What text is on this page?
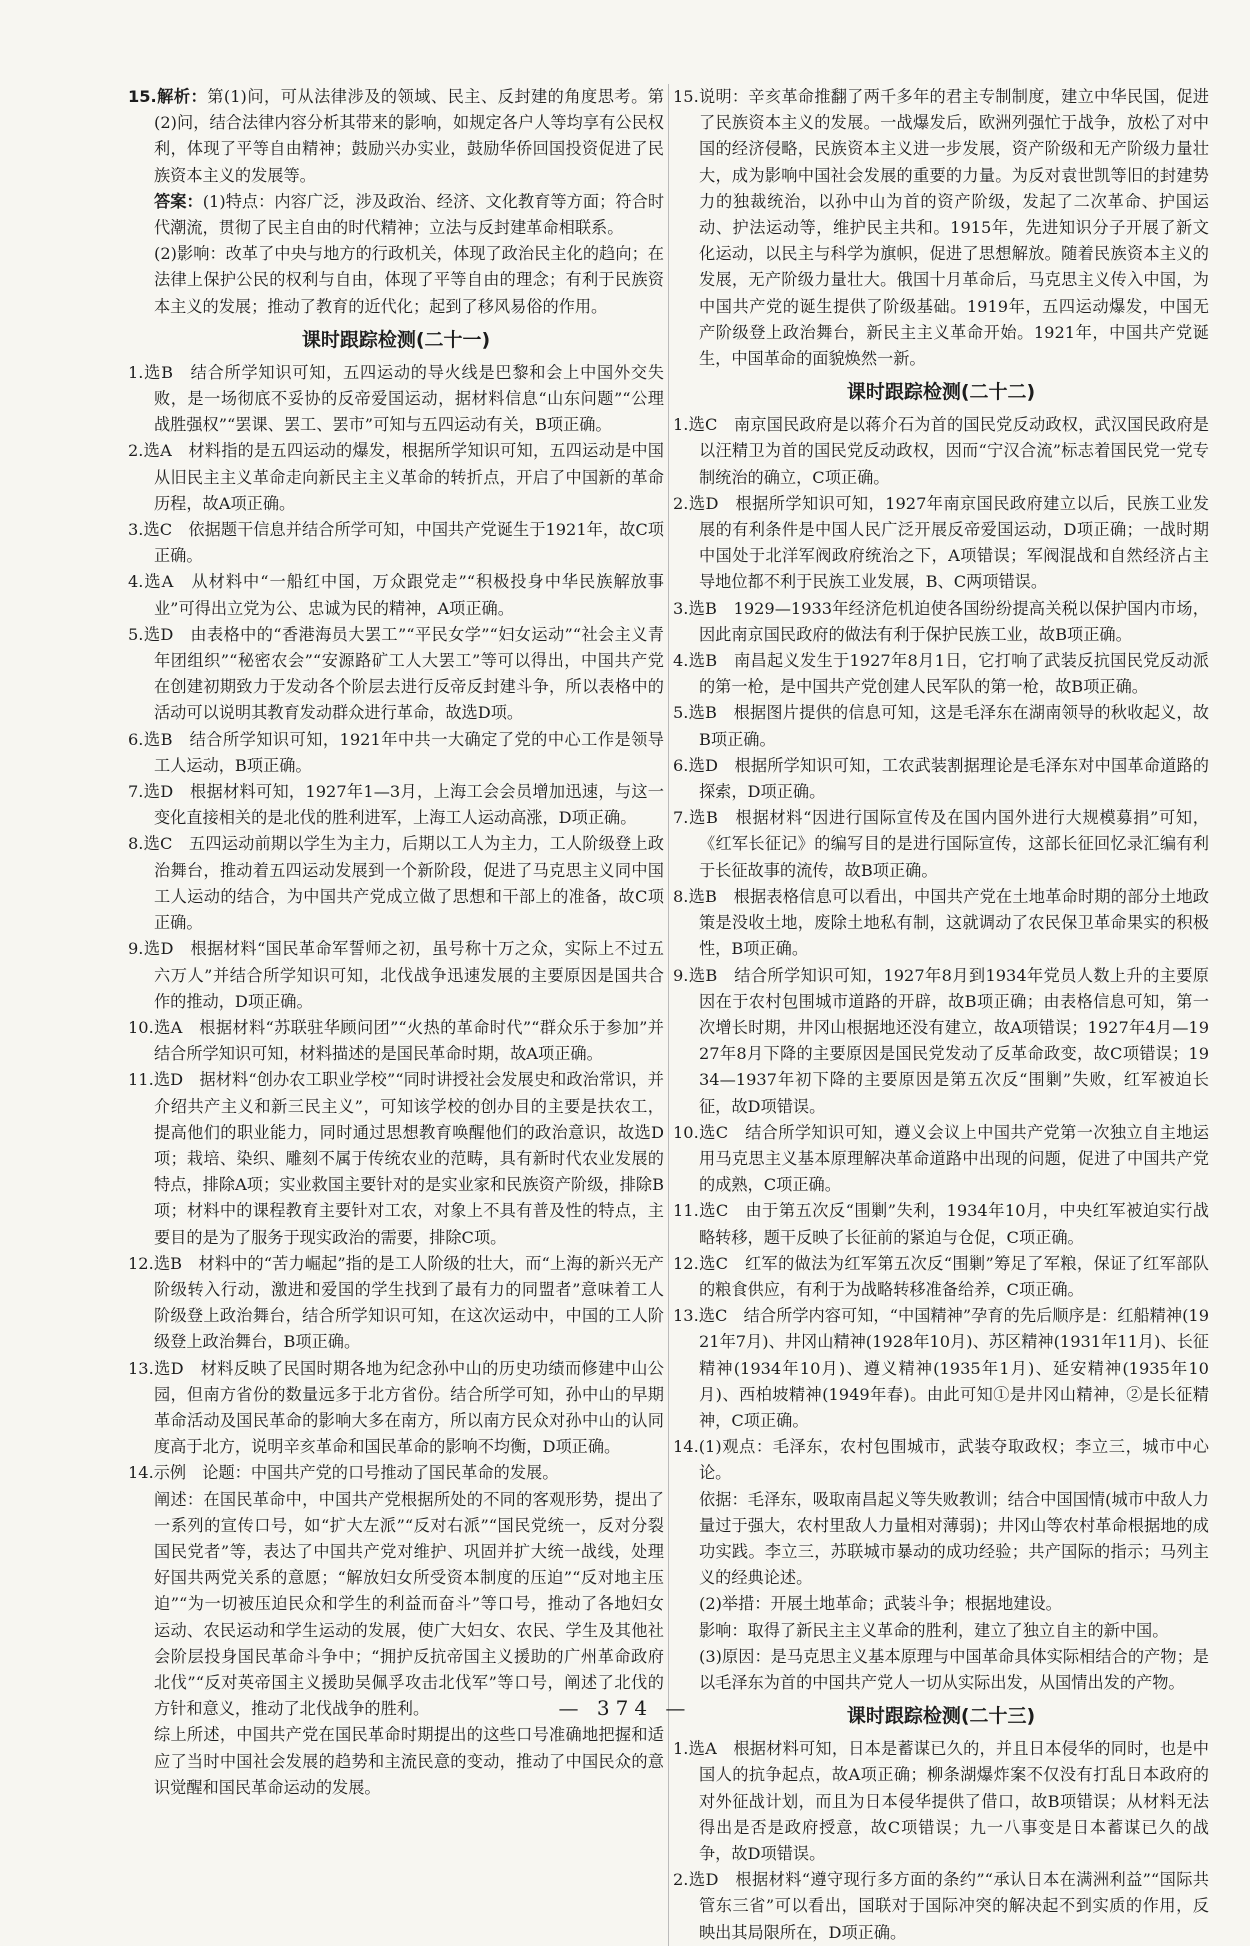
15.解析：第(1)问，可从法律涉及的领域、民主、反封建的角度思考。第(2)问，结合法律内容分析其带来的影响，如规定各户人等均享有公民权利，体现了平等自由精神；鼓励兴办实业，鼓励华侨回国投资促进了民族资本主义的发展等。

答案：(1)特点：内容广泛，涉及政治、经济、文化教育等方面；符合时代潮流，贯彻了民主自由的时代精神；立法与反封建革命相联系。

(2)影响：改革了中央与地方的行政机关，体现了政治民主化的趋向；在法律上保护公民的权利与自由，体现了平等自由的理念；有利于民族资本主义的发展；推动了教育的近代化；起到了移风易俗的作用。

课时跟踪检测(二十一)

1.选B　结合所学知识可知，五四运动的导火线是巴黎和会上中国外交失败，是一场彻底不妥协的反帝爱国运动，据材料信息“山东问题”“公理战胜强权”“罢课、罢工、罢市”可知与五四运动有关，B项正确。

2.选A　材料指的是五四运动的爆发，根据所学知识可知，五四运动是中国从旧民主主义革命走向新民主主义革命的转折点，开启了中国新的革命历程，故A项正确。

3.选C　依据题干信息并结合所学可知，中国共产党诞生于1921年，故C项正确。

4.选A　从材料中“一船红中国，万众跟党走”“积极投身中华民族解放事业”可得出立党为公、忠诚为民的精神，A项正确。

5.选D　由表格中的“香港海员大罢工”“平民女学”“妇女运动”“社会主义青年团组织”“秘密农会”“安源路矿工人大罢工”等可以得出，中国共产党在创建初期致力于发动各个阶层去进行反帝反封建斗争，所以表格中的活动可以说明其教育发动群众进行革命，故选D项。

6.选B　结合所学知识可知，1921年中共一大确定了党的中心工作是领导工人运动，B项正确。

7.选D　根据材料可知，1927年1—3月，上海工会会员增加迅速，与这一变化直接相关的是北伐的胜利进军，上海工人运动高涨，D项正确。

8.选C　五四运动前期以学生为主力，后期以工人为主力，工人阶级登上政治舞台，推动着五四运动发展到一个新阶段，促进了马克思主义同中国工人运动的结合，为中国共产党成立做了思想和干部上的准备，故C项正确。

9.选D　根据材料“国民革命军誓师之初，虽号称十万之众，实际上不过五六万人”并结合所学知识可知，北伐战争迅速发展的主要原因是国共合作的推动，D项正确。

10.选A　根据材料“苏联驻华顾问团”“火热的革命时代”“群众乐于参加”并结合所学知识可知，材料描述的是国民革命时期，故A项正确。

11.选D　据材料“创办农工职业学校”“同时讲授社会发展史和政治常识，并介绍共产主义和新三民主义”，可知该学校的创办目的主要是扶农工，提高他们的职业能力，同时通过思想教育唤醒他们的政治意识，故选D项；栽培、染织、雕刻不属于传统农业的范畴，具有新时代农业发展的特点，排除A项；实业救国主要针对的是实业家和民族资产阶级，排除B项；材料中的课程教育主要针对工农，对象上不具有普及性的特点，主要目的是为了服务于现实政治的需要，排除C项。

12.选B　材料中的“苦力崛起”指的是工人阶级的壮大，而“上海的新兴无产阶级转入行动，激进和爱国的学生找到了最有力的同盟者”意味着工人阶级登上政治舞台，结合所学知识可知，在这次运动中，中国的工人阶级登上政治舞台，B项正确。

13.选D　材料反映了民国时期各地为纪念孙中山的历史功绩而修建中山公园，但南方省份的数量远多于北方省份。结合所学可知，孙中山的早期革命活动及国民革命的影响大多在南方，所以南方民众对孙中山的认同度高于北方，说明辛亥革命和国民革命的影响不均衡，D项正确。

14.示例　论题：中国共产党的口号推动了国民革命的发展。

阐述：在国民革命中，中国共产党根据所处的不同的客观形势，提出了一系列的宣传口号，如“扩大左派”“反对右派”“国民党统一，反对分裂国民党者”等，表达了中国共产党对维护、巩固并扩大统一战线，处理好国共两党关系的意愿；“解放妇女所受资本制度的压迫”“反对地主压迫”“为一切被压迫民众和学生的利益而奋斗”等口号，推动了各地妇女运动、农民运动和学生运动的发展，使广大妇女、农民、学生及其他社会阶层投身国民革命斗争中；“拥护反抗帝国主义援助的广州革命政府北伐”“反对英帝国主义援助吴佩孚攻击北伐军”等口号，阐述了北伐的方针和意义，推动了北伐战争的胜利。

综上所述，中国共产党在国民革命时期提出的这些口号准确地把握和适应了当时中国社会发展的趋势和主流民意的变动，推动了中国民众的意识觉醒和国民革命运动的发展。

15.说明：辛亥革命推翻了两千多年的君主专制制度，建立中华民国，促进了民族资本主义的发展。一战爆发后，欧洲列强忙于战争，放松了对中国的经济侵略，民族资本主义进一步发展，资产阶级和无产阶级力量壮大，成为影响中国社会发展的重要的力量。为反对袁世凯等旧的封建势力的独裁统治，以孙中山为首的资产阶级，发起了二次革命、护国运动、护法运动等，维护民主共和。1915年，先进知识分子开展了新文化运动，以民主与科学为旗帜，促进了思想解放。随着民族资本主义的发展，无产阶级力量壮大。俄国十月革命后，马克思主义传入中国，为中国共产党的诞生提供了阶级基础。1919年，五四运动爆发，中国无产阶级登上政治舞台，新民主主义革命开始。1921年，中国共产党诞生，中国革命的面貌焕然一新。

课时跟踪检测(二十二)

1.选C　南京国民政府是以蒋介石为首的国民党反动政权，武汉国民政府是以汪精卫为首的国民党反动政权，因而“宁汉合流”标志着国民党一党专制统治的确立，C项正确。

2.选D　根据所学知识可知，1927年南京国民政府建立以后，民族工业发展的有利条件是中国人民广泛开展反帝爱国运动，D项正确；一战时期中国处于北洋军阀政府统治之下，A项错误；军阀混战和自然经济占主导地位都不利于民族工业发展，B、C两项错误。

3.选B　1929—1933年经济危机迫使各国纷纷提高关税以保护国内市场，因此南京国民政府的做法有利于保护民族工业，故B项正确。

4.选B　南昌起义发生于1927年8月1日，它打响了武装反抗国民党反动派的第一枪，是中国共产党创建人民军队的第一枪，故B项正确。

5.选B　根据图片提供的信息可知，这是毛泽东在湖南领导的秋收起义，故B项正确。

6.选D　根据所学知识可知，工农武装割据理论是毛泽东对中国革命道路的探索，D项正确。

7.选B　根据材料“因进行国际宣传及在国内国外进行大规模募捐”可知，《红军长征记》的编写目的是进行国际宣传，这部长征回忆录汇编有利于长征故事的流传，故B项正确。

8.选B　根据表格信息可以看出，中国共产党在土地革命时期的部分土地政策是没收土地，废除土地私有制，这就调动了农民保卫革命果实的积极性，B项正确。

9.选B　结合所学知识可知，1927年8月到1934年党员人数上升的主要原因在于农村包围城市道路的开辟，故B项正确；由表格信息可知，第一次增长时期，井冈山根据地还没有建立，故A项错误；1927年4月—1927年8月下降的主要原因是国民党发动了反革命政变，故C项错误；1934—1937年初下降的主要原因是第五次反“围剿”失败，红军被迫长征，故D项错误。

10.选C　结合所学知识可知，遵义会议上中国共产党第一次独立自主地运用马克思主义基本原理解决革命道路中出现的问题，促进了中国共产党的成熟，C项正确。

11.选C　由于第五次反“围剿”失利，1934年10月，中央红军被迫实行战略转移，题干反映了长征前的紧迫与仓促，C项正确。

12.选C　红军的做法为红军第五次反“围剿”筹足了军粮，保证了红军部队的粮食供应，有利于为战略转移准备给养，C项正确。

13.选C　结合所学内容可知，“中国精神”孕育的先后顺序是：红船精神(1921年7月)、井冈山精神(1928年10月)、苏区精神(1931年11月)、长征精神(1934年10月)、遵义精神(1935年1月)、延安精神(1935年10月)、西柏坡精神(1949年春)。由此可知①是井冈山精神，②是长征精神，C项正确。

14.(1)观点：毛泽东，农村包围城市，武装夺取政权；李立三，城市中心论。

依据：毛泽东，吸取南昌起义等失败教训；结合中国国情(城市中敌人力量过于强大，农村里敌人力量相对薄弱)；井冈山等农村革命根据地的成功实践。李立三，苏联城市暴动的成功经验；共产国际的指示；马列主义的经典论述。

(2)举措：开展土地革命；武装斗争；根据地建设。

影响：取得了新民主主义革命的胜利，建立了独立自主的新中国。

(3)原因：是马克思主义基本原理与中国革命具体实际相结合的产物；是以毛泽东为首的中国共产党人一切从实际出发，从国情出发的产物。

课时跟踪检测(二十三)

1.选A　根据材料可知，日本是蓄谋已久的，并且日本侵华的同时，也是中国人的抗争起点，故A项正确；柳条湖爆炸案不仅没有打乱日本政府的对外征战计划，而且为日本侵华提供了借口，故B项错误；从材料无法得出是否是政府授意，故C项错误；九一八事变是日本蓄谋已久的战争，故D项错误。

2.选D　根据材料“遵守现行多方面的条约”“承认日本在满洲利益”“国际共管东三省”可以看出，国联对于国际冲突的解决起不到实质的作用，反映出其局限所在，D项正确。

— 374 —
